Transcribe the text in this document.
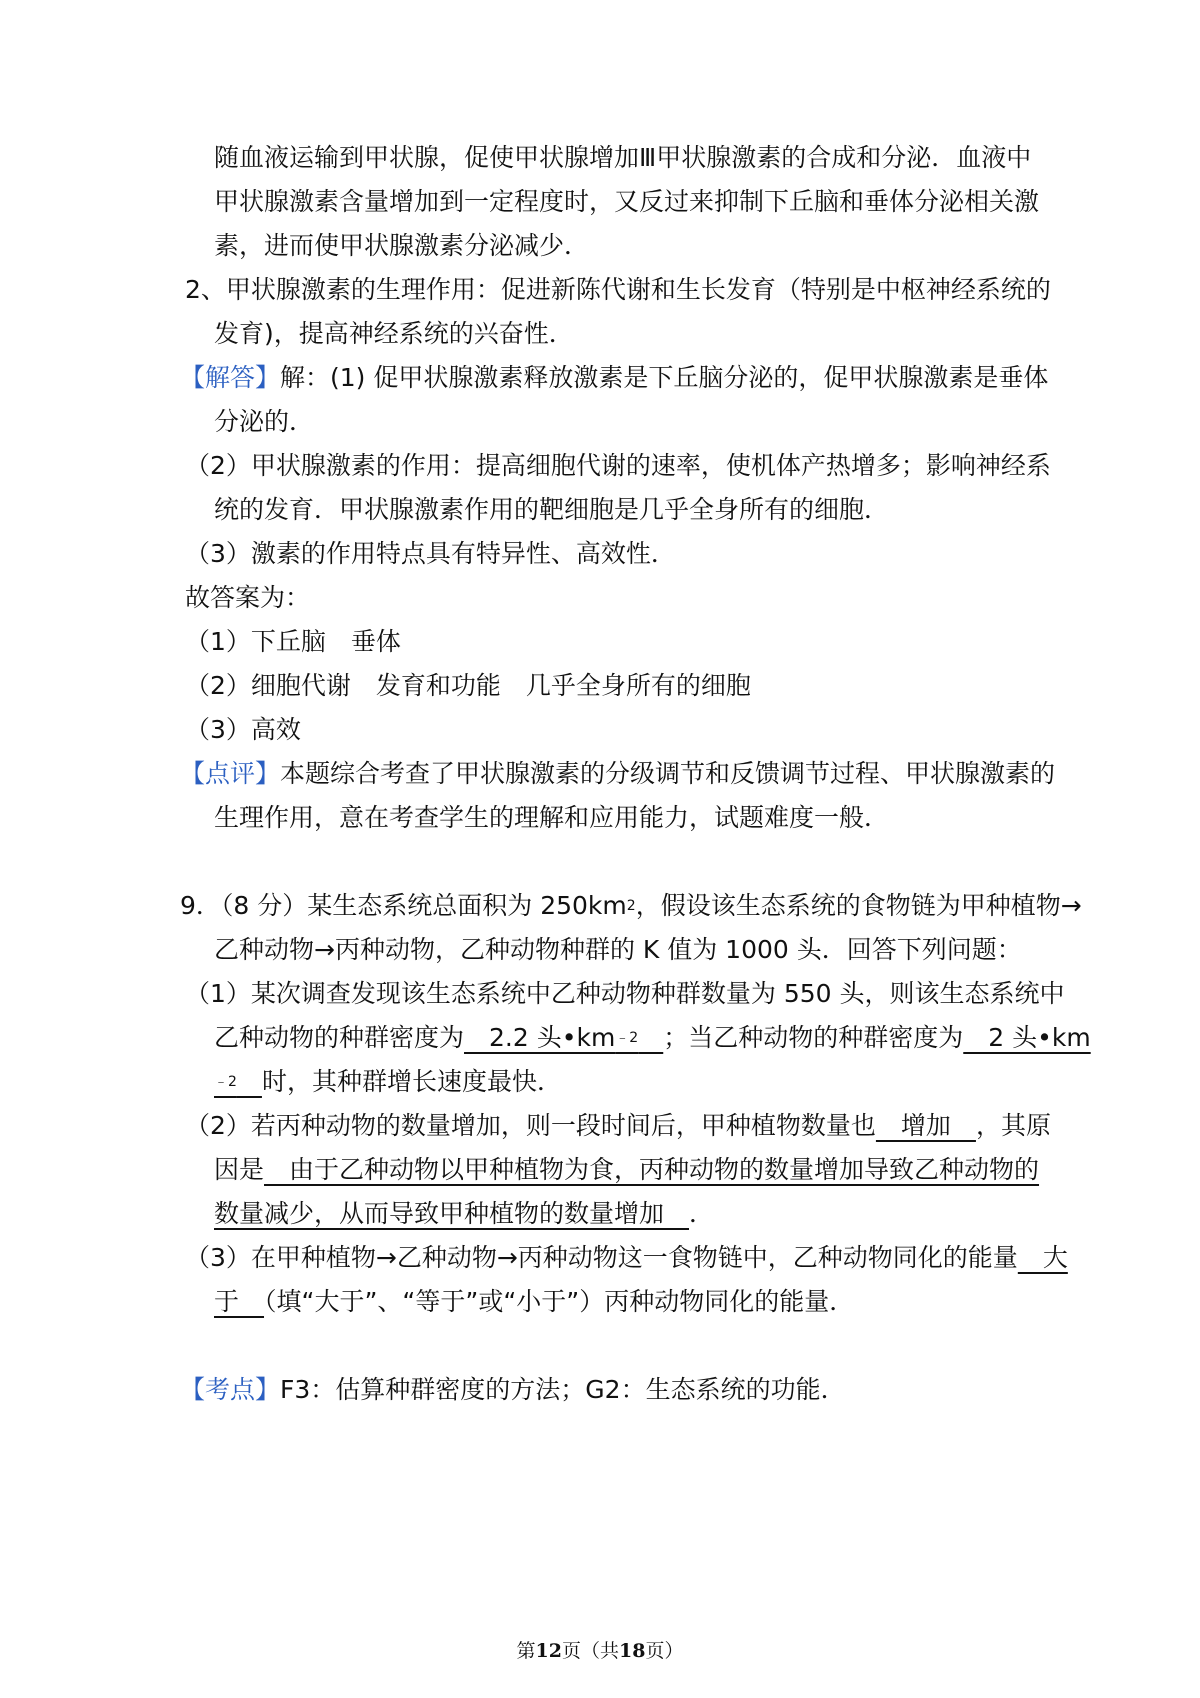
随血液运输到甲状腺，促使甲状腺增加Ⅲ甲状腺激素的合成和分泌．血液中
甲状腺激素含量增加到一定程度时，又反过来抑制下丘脑和垂体分泌相关激
素，进而使甲状腺激素分泌减少．
2、甲状腺激素的生理作用：促进新陈代谢和生长发育（特别是中枢神经系统的
发育)，提高神经系统的兴奋性．
【解答】解：(1) 促甲状腺激素释放激素是下丘脑分泌的，促甲状腺激素是垂体
分泌的．
（2）甲状腺激素的作用：提高细胞代谢的速率，使机体产热增多；影响神经系
统的发育．甲状腺激素作用的靶细胞是几乎全身所有的细胞．
（3）激素的作用特点具有特异性、高效性．
故答案为：
（1）下丘脑　垂体
（2）细胞代谢　发育和功能　几乎全身所有的细胞
（3）高效
【点评】本题综合考查了甲状腺激素的分级调节和反馈调节过程、甲状腺激素的
生理作用，意在考查学生的理解和应用能力，试题难度一般．
9．（8 分）某生态系统总面积为 $250km^2$，假设该生态系统的食物链为甲种植物→
乙种动物→丙种动物，乙种动物种群的 K 值为 1000 头．回答下列问题：
（1）某次调查发现该生态系统中乙种动物种群数量为 550 头，则该生态系统中
乙种动物的种群密度为　2.2 头$•km^{﹣2}$　 ；当乙种动物的种群密度为　2 头•km
$^{﹣2}$　 时，其种群增长速度最快．
（2）若丙种动物的数量增加，则一段时间后，甲种植物数量也　增加　，其原
因是　由于乙种动物以甲种植物为食，丙种动物的数量增加导致乙种动物的
数量减少，从而导致甲种植物的数量增加　．
（3）在甲种植物→乙种动物→丙种动物这一食物链中，乙种动物同化的能量　大
于　（填“大于”、“等于”或“小于”）丙种动物同化的能量．
【考点】F3：估算种群密度的方法；G2：生态系统的功能．
第12页（共18页）
